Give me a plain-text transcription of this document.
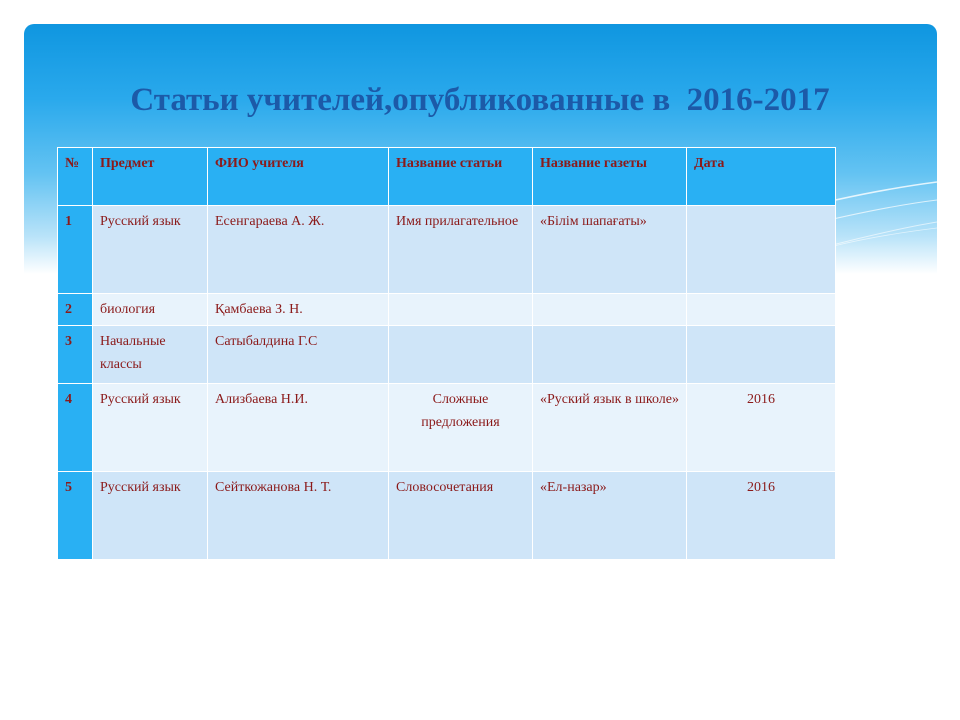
Статьи учителей,опубликованные в  2016-2017
№	Предмет	ФИО учителя	Название статьи	Название газеты	Дата
1	Русский язык	Есенгараева А. Ж.	Имя прилагательное	«Білім шапағаты»	
2	биология	Қамбаева З. Н.			
3	Начальные классы	Сатыбалдина Г.С			
4	Русский язык	Ализбаева Н.И.	Сложные предложения	«Руский язык в школе»	2016
5	Русский язык	Сейткожанова Н. Т.	Словосочетания	«Ел-назар»	2016
